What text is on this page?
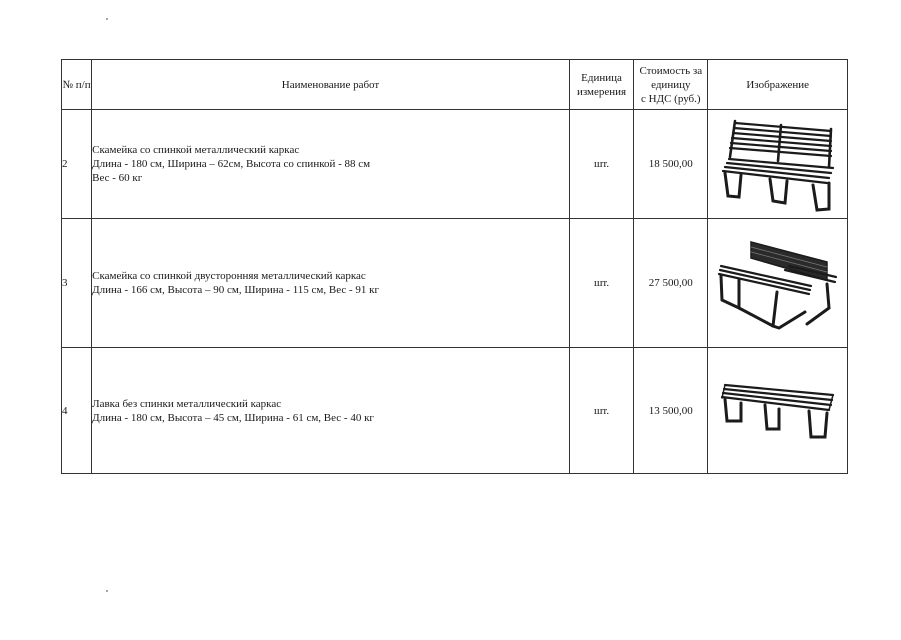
№ п/п	Наименование работ	Единица измерения	Стоимость за
единицу
с НДС (руб.)	Изображение
2	Скамейка со спинкой металлический каркас
Длина - 180 см, Ширина – 62см, Высота со спинкой - 88 см
Вес - 60 кг	шт.	18 500,00	

3	Скамейка со спинкой двусторонняя металлический каркас
Длина - 166 см, Высота – 90 см, Ширина - 115 см, Вес - 91 кг	шт.	27 500,00	

4	Лавка без спинки металлический каркас
Длина - 180 см, Высота – 45 см, Ширина - 61 см, Вес - 40 кг	шт.	13 500,00	
